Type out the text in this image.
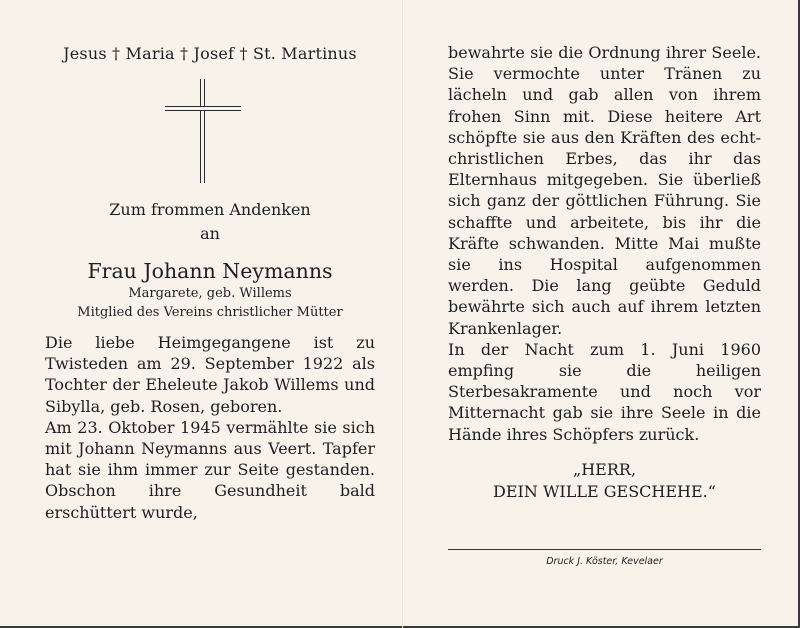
Jesus † Maria † Josef † St. Martinus
Zum frommen Andenken
an
Frau Johann Neymanns
Margarete, geb. Willems
Mitglied des Vereins christlicher Mütter

Die liebe Heimgegangene ist zu Twisteden am 29. September 1922 als Tochter der Eheleute Jakob Willems und Sibylla, geb. Rosen, geboren.

Am 23. Oktober 1945 vermählte sie sich mit Johann Neymanns aus Veert. Tapfer hat sie ihm immer zur Seite gestanden. Obschon ihre Gesundheit bald erschüttert wurde,

bewahrte sie die Ordnung ihrer Seele. Sie vermochte unter Tränen zu lächeln und gab allen von ihrem frohen Sinn mit. Diese heitere Art schöpfte sie aus den Kräften des echt-christlichen Erbes, das ihr das Elternhaus mitgegeben. Sie überließ sich ganz der göttlichen Führung. Sie schaffte und arbeitete, bis ihr die Kräfte schwanden. Mitte Mai mußte sie ins Hospital aufgenommen werden. Die lang geübte Geduld bewährte sich auch auf ihrem letzten Krankenlager.

In der Nacht zum 1. Juni 1960 empfing sie die heiligen Sterbesakramente und noch vor Mitternacht gab sie ihre Seele in die Hände ihres Schöpfers zurück.

„HERR,
DEIN WILLE GESCHEHE.“
Druck J. Köster, Kevelaer
